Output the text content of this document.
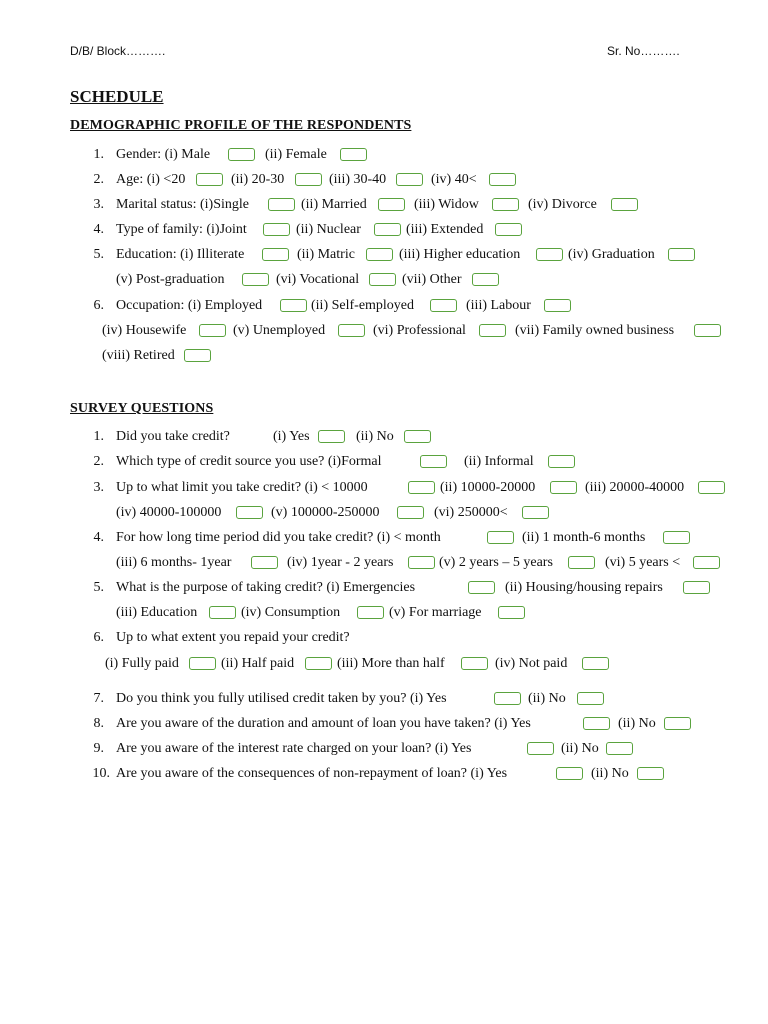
D/B/ Block……….	Sr. No……….
SCHEDULE
DEMOGRAPHIC PROFILE OF THE RESPONDENTS
1.
2.
3.
4.
5.
6.
Gender: (i) Male	(ii) Female
Age: (i) <20	(ii) 20-30	(iii) 30-40	(iv) 40<
Marital status: (i)Single	(ii) Married	(iii) Widow	(iv) Divorce
Type of family: (i)Joint	(ii) Nuclear	(iii) Extended
Education: (i) Illiterate	(ii) Matric	(iii) Higher education	(iv) Graduation
(v) Post-graduation	(vi) Vocational	(vii) Other
Occupation: (i) Employed	(ii) Self-employed	(iii) Labour
(iv) Housewife	(v) Unemployed	(vi) Professional	(vii) Family owned business
(viii) Retired
SURVEY QUESTIONS
1.
2.
3.
4.
5.
6.
7.
8.
9.
10.
Did you take credit?	(i) Yes	(ii) No
Which type of credit source you use? (i)Formal	(ii) Informal
Up to what limit you take credit? (i) < 10000	(ii) 10000-20000	(iii) 20000-40000
(iv) 40000-100000	(v) 100000-250000	(vi) 250000<
For how long time period did you take credit? (i) < month	(ii) 1 month-6 months
(iii) 6 months- 1year	(iv) 1year - 2 years	(v) 2 years – 5 years	(vi) 5 years <
What is the purpose of taking credit? (i) Emergencies	(ii) Housing/housing repairs
(iii) Education	(iv) Consumption	(v) For marriage
Up to what extent you repaid your credit?
(i) Fully paid	(ii) Half paid	(iii) More than half	(iv) Not paid
Do you think you fully utilised credit taken by you? (i) Yes	(ii) No
Are you aware of the duration and amount of loan you have taken? (i) Yes	(ii) No
Are you aware of the interest rate charged on your loan? (i) Yes	(ii) No
Are you aware of the consequences of non-repayment of loan? (i) Yes	(ii) No
